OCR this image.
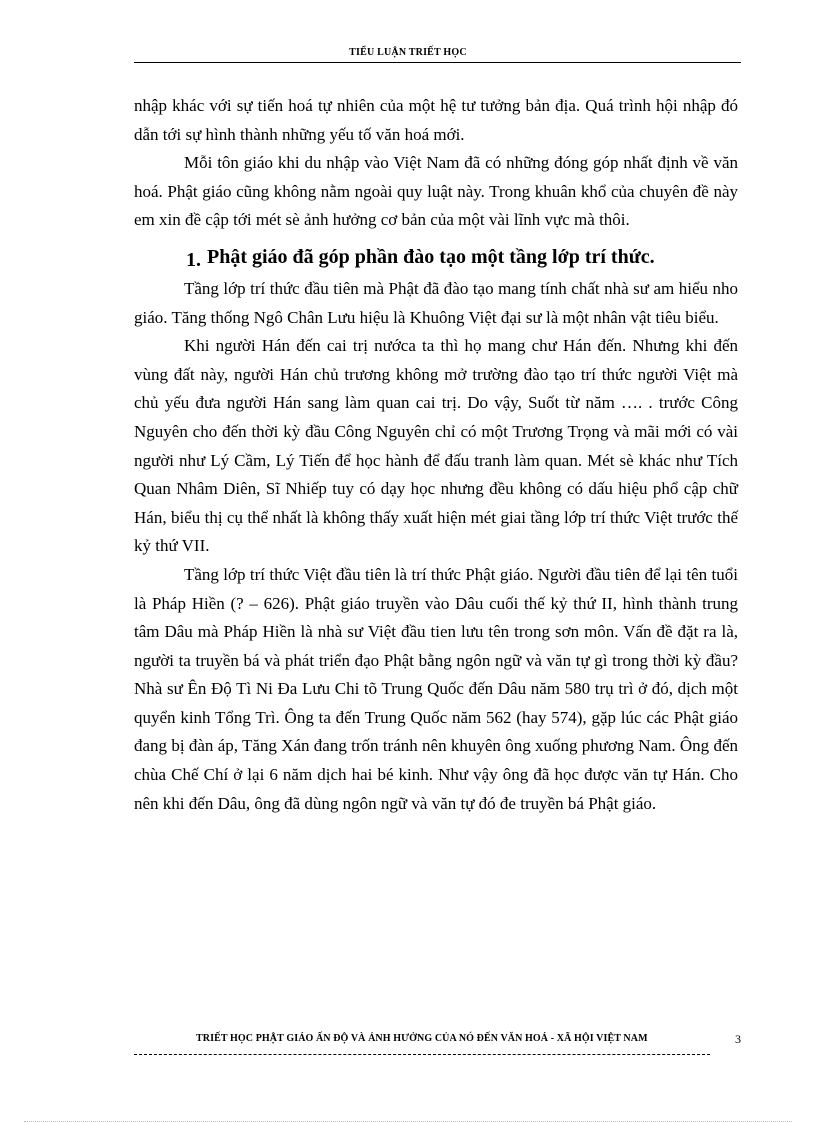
TIỂU LUẬN TRIẾT HỌC

nhập khác với sự tiến hoá tự nhiên của một hệ tư tưởng bản địa. Quá trình hội nhập đó dẫn tới sự hình thành những yếu tố văn hoá mới.

Mỗi tôn giáo khi du nhập vào Việt Nam đã có những đóng góp nhất định về văn hoá. Phật giáo cũng không nằm ngoài quy luật này. Trong khuân khổ của chuyên đề này em xin đề cập tới mét sè ảnh hưởng cơ bản của một vài lĩnh vực mà thôi.

1. Phật giáo đã góp phần đào tạo một tầng lớp trí thức.

Tầng lớp trí thức đầu tiên mà Phật đã đào tạo mang tính chất nhà sư am hiểu nho giáo. Tăng thống Ngô Chân Lưu hiệu là Khuông Việt đại sư là một nhân vật tiêu biểu.

Khi người Hán đến cai trị nướca ta thì họ mang chư Hán đến. Nhưng khi đến vùng đất này, người Hán chủ trương không mở trường đào tạo trí thức người Việt mà chủ yếu đưa người Hán sang làm quan cai trị. Do vậy, Suốt từ năm …. . trước Công Nguyên cho đến thời kỳ đầu Công Nguyên chỉ có một Trương Trọng và mãi mới có vài người như Lý Cầm, Lý Tiến để học hành để đấu tranh làm quan. Mét sè khác như Tích Quan Nhâm Diên, Sĩ Nhiếp tuy có dạy học nhưng đều không có dấu hiệu phổ cập chữ Hán, biểu thị cụ thể nhất là không thấy xuất hiện mét giai tầng lớp trí thức Việt trước thế kỷ thứ VII.

Tầng lớp trí thức Việt đầu tiên là trí thức Phật giáo. Người đầu tiên để lại tên tuổi là Pháp Hiền (? – 626). Phật giáo truyền vào Dâu cuối thế kỷ thứ II, hình thành trung tâm Dâu mà Pháp Hiền là nhà sư Việt đầu tien lưu tên trong sơn môn. Vấn đề đặt ra là, người ta truyền bá và phát triển đạo Phật bằng ngôn ngữ và văn tự gì trong thời kỳ đầu? Nhà sư Ên Độ Tì Ni Đa Lưu Chi tõ Trung Quốc đến Dâu năm 580 trụ trì ở đó, dịch một quyển kinh Tổng Trì. Ông ta đến Trung Quốc năm 562 (hay 574), gặp lúc các Phật giáo đang bị đàn áp, Tăng Xán đang trốn tránh nên khuyên ông xuống phương Nam. Ông đến chùa Chế Chí ở lại 6 năm dịch hai bé kinh. Như vậy ông đã học được văn tự Hán. Cho nên khi đến Dâu, ông đã dùng ngôn ngữ và văn tự đó đe truyền bá Phật giáo.

TRIẾT HỌC PHẬT GIÁO ẤN ĐỘ VÀ ẢNH HƯỞNG CỦA NÓ ĐẾN VĂN HOÁ - XÃ HỘI VIỆT NAM	3
